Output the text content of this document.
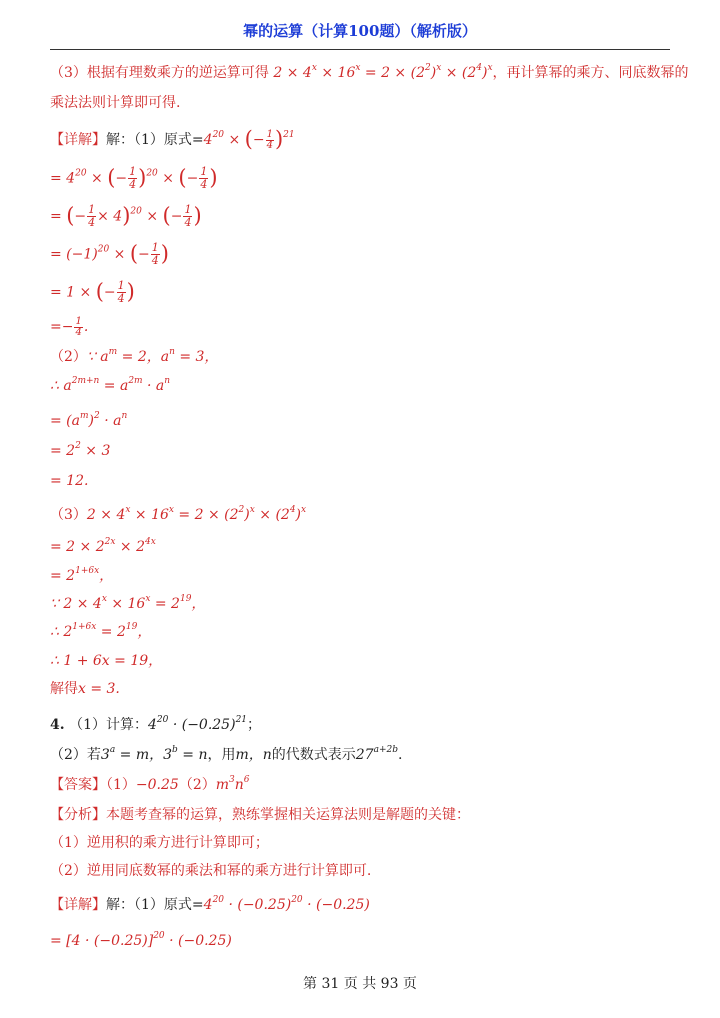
幂的运算（计算100题）（解析版）
（3）根据有理数乘方的逆运算可得 $2 \times 4^x \times 16^x = 2 \times (2^2)^x \times (2^4)^x$，再计算幂的乘方、同底数幂的
乘法法则计算即可得.
【详解】解：（1）原式$=4^{20}$ × (− $\frac{1}{4} )^{21}$
= $4^{20}$ × (− $\frac{1}{4} )^{20}$ × (− $\frac{1}{4}$ )
= (− $\frac{1}{4} \times 4)^{20}$ × (− $\frac{1}{4}$ )
= $(-1)^{20}$ × (− $\frac{1}{4}$ )
= 1 × (− $\frac{1}{4}$ )
=− $\frac{1}{4}$ .
（2）∵ $a^m = 2$，$a^n = 3$，
∴ $a^{2m+n} = a^{2m} \cdot a^n$
= $(a^m)^2 \cdot a^n$
= $2^2 \times 3$
= 12.
$(3)2 \times 4^x \times 16^x = 2 \times (2^2)^x \times (2^4)^x$
= $2 \times 2^{2x} \times 2^{4x}$
= $2^{1+6x}$，
∵ $2 \times 4^x \times 16^x = 2^{19}$，
∴ $2^{1+6x} = 2^{19}$，
∴ 1 + 6x = 19，
解得x = 3.
4. （1）计算：$4^{20} \cdot (-0.25)^{21}$；
（2）若$3^a = m$，$3^b = n$，用m，n的代数式表示$27^{a+2b}$.
【答案】$(1)-0.25(2)m^3n^6$
【分析】本题考查幂的运算，熟练掌握相关运算法则是解题的关键：
（1）逆用积的乘方进行计算即可；
（2）逆用同底数幂的乘法和幂的乘方进行计算即可.
【详解】解：（1）原式$=4^{20} \cdot (-0.25)^{20} \cdot (-0.25)$
= $[4 \cdot (-0.25)]^{20} \cdot (-0.25)$
第 31 页 共 93 页
